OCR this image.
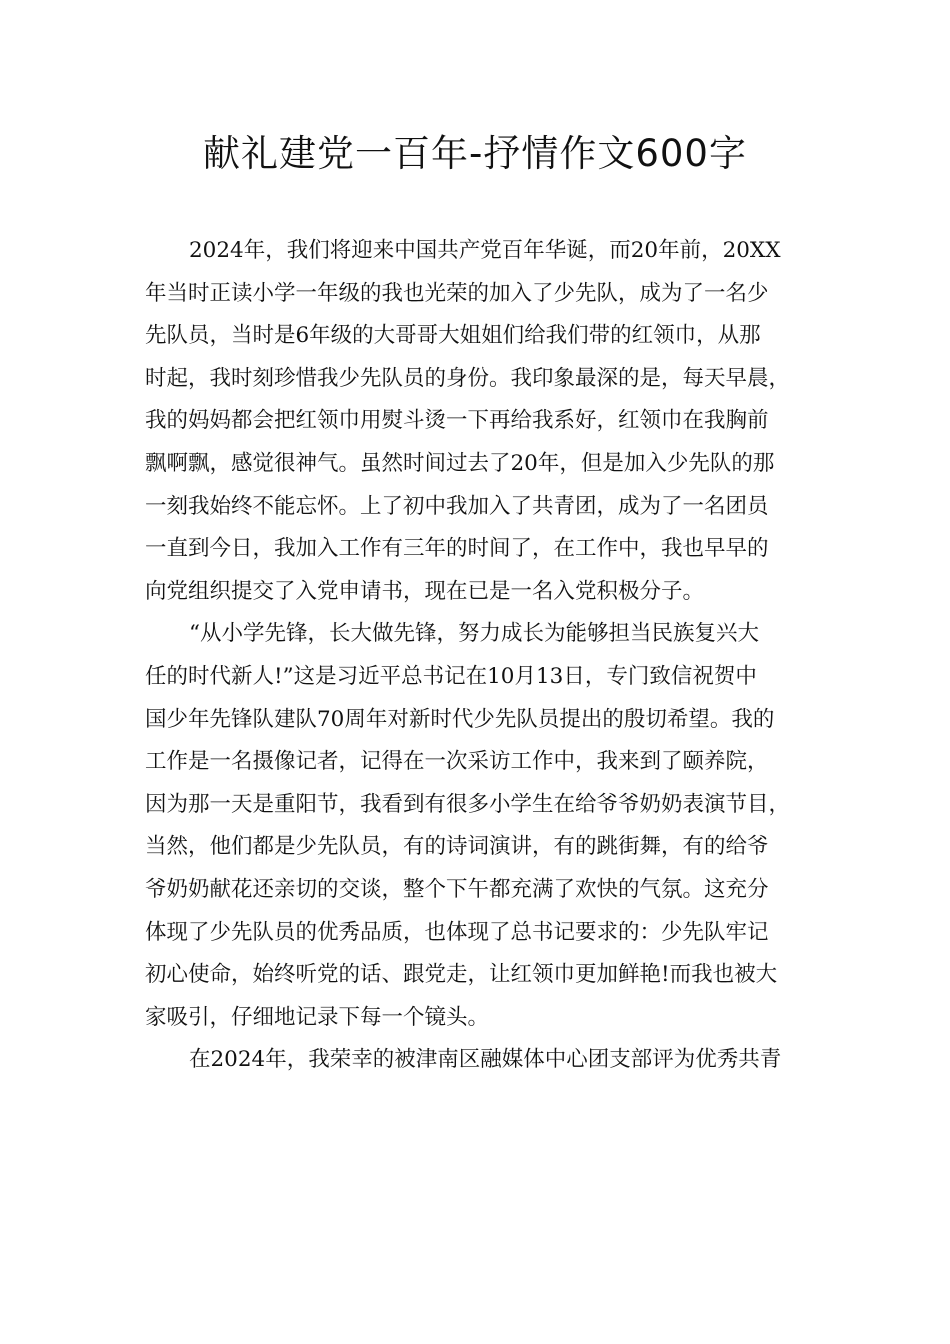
献礼建党一百年-抒情作文600字

2024年，我们将迎来中国共产党百年华诞，而20年前，20XX

年当时正读小学一年级的我也光荣的加入了少先队，成为了一名少

先队员，当时是6年级的大哥哥大姐姐们给我们带的红领巾，从那

时起，我时刻珍惜我少先队员的身份。我印象最深的是，每天早晨，

我的妈妈都会把红领巾用熨斗烫一下再给我系好，红领巾在我胸前

飘啊飘，感觉很神气。虽然时间过去了20年，但是加入少先队的那

一刻我始终不能忘怀。上了初中我加入了共青团，成为了一名团员

一直到今日，我加入工作有三年的时间了，在工作中，我也早早的

向党组织提交了入党申请书，现在已是一名入党积极分子。

“从小学先锋，长大做先锋，努力成长为能够担当民族复兴大

任的时代新人!”这是习近平总书记在10月13日，专门致信祝贺中

国少年先锋队建队70周年对新时代少先队员提出的殷切希望。我的

工作是一名摄像记者，记得在一次采访工作中，我来到了颐养院，

因为那一天是重阳节，我看到有很多小学生在给爷爷奶奶表演节目，

当然，他们都是少先队员，有的诗词演讲，有的跳街舞，有的给爷

爷奶奶献花还亲切的交谈，整个下午都充满了欢快的气氛。这充分

体现了少先队员的优秀品质，也体现了总书记要求的：少先队牢记

初心使命，始终听党的话、跟党走，让红领巾更加鲜艳!而我也被大

家吸引，仔细地记录下每一个镜头。

在2024年，我荣幸的被津南区融媒体中心团支部评为优秀共青
